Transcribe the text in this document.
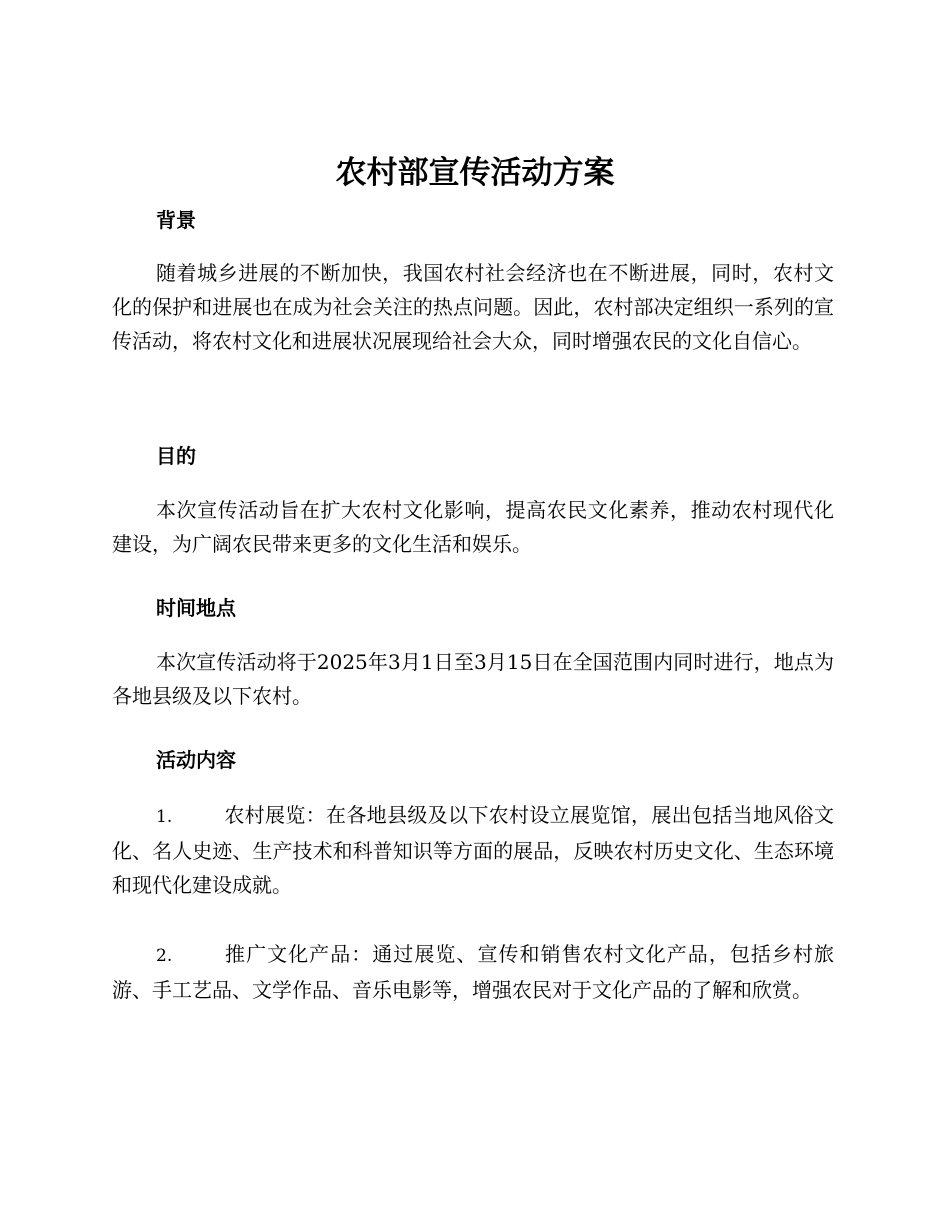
农村部宣传活动方案
背景

随着城乡进展的不断加快，我国农村社会经济也在不断进展，同时，农村文化的保护和进展也在成为社会关注的热点问题。因此，农村部决定组织一系列的宣传活动，将农村文化和进展状况展现给社会大众，同时增强农民的文化自信心。

目的

本次宣传活动旨在扩大农村文化影响，提高农民文化素养，推动农村现代化建设，为广阔农民带来更多的文化生活和娱乐。

时间地点

本次宣传活动将于2025年3月1日至3月15日在全国范围内同时进行，地点为各地县级及以下农村。

活动内容

1.	农村展览：在各地县级及以下农村设立展览馆，展出包括当地风俗文化、名人史迹、生产技术和科普知识等方面的展品，反映农村历史文化、生态环境和现代化建设成就。

2.	推广文化产品：通过展览、宣传和销售农村文化产品，包括乡村旅游、手工艺品、文学作品、音乐电影等，增强农民对于文化产品的了解和欣赏。
